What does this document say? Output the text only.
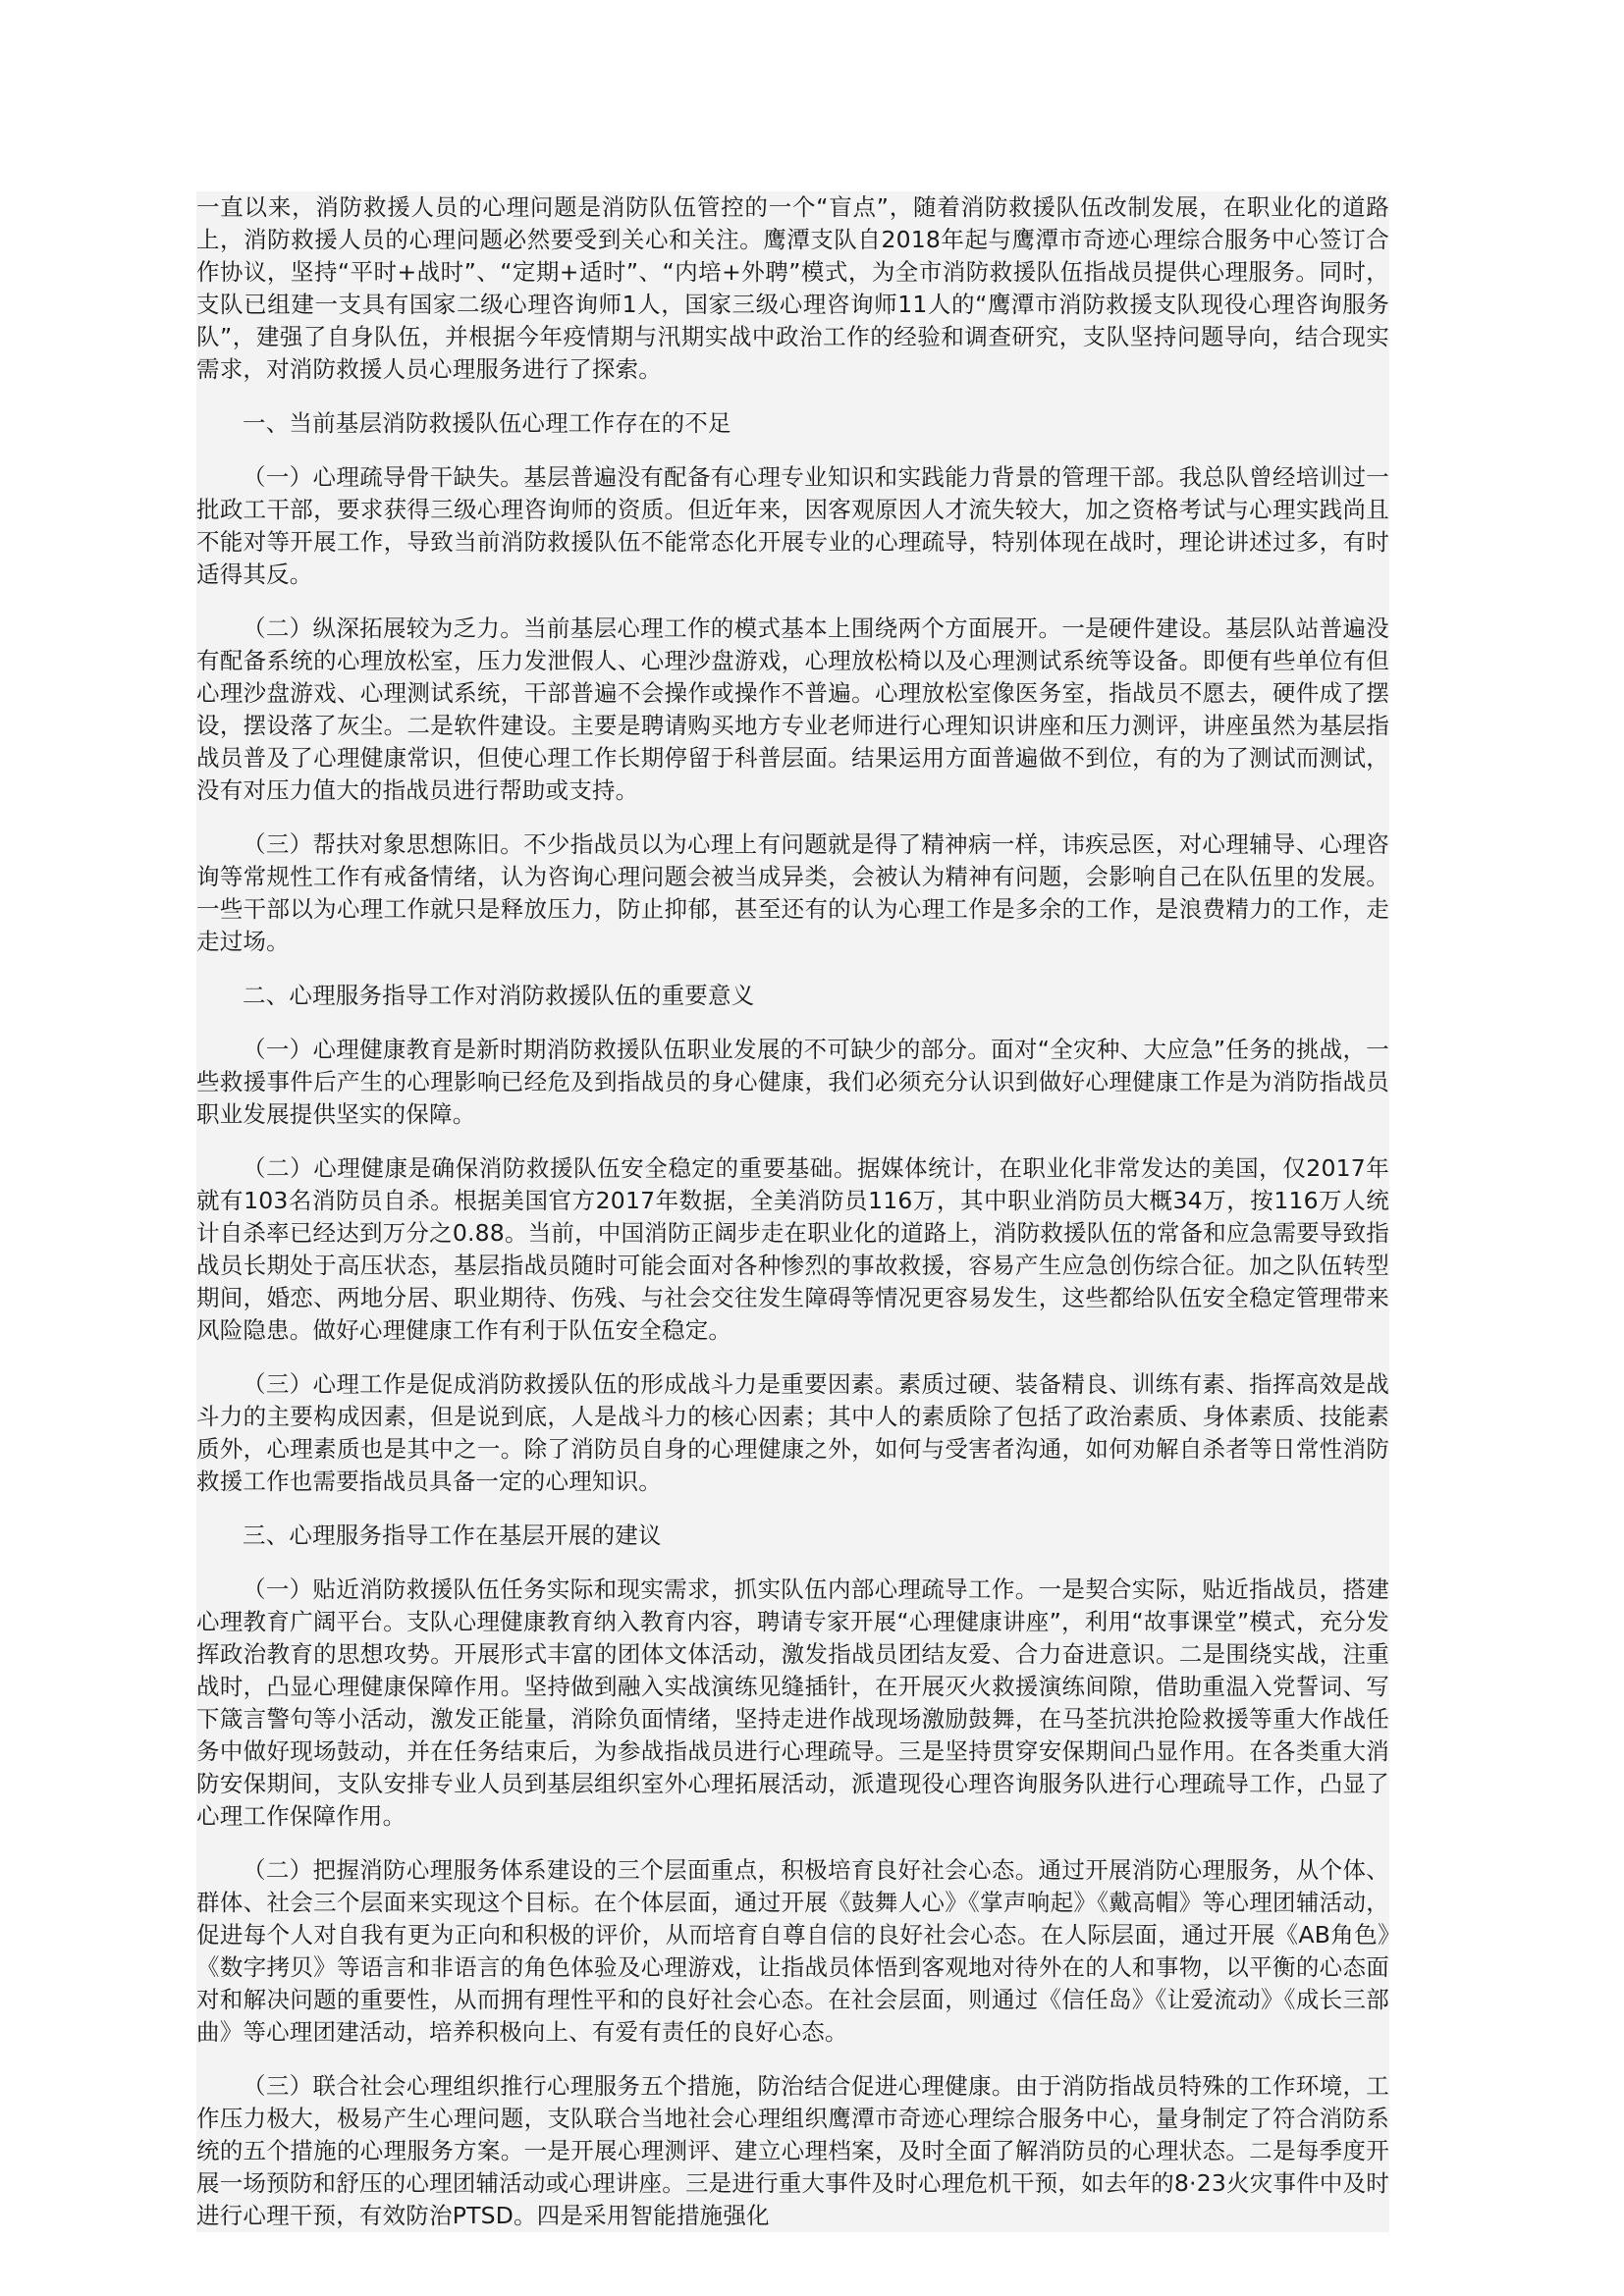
一直以来，消防救援人员的心理问题是消防队伍管控的一个“盲点”，随着消防救援队伍改制发展，在职业化的道路上，消防救援人员的心理问题必然要受到关心和关注。鹰潭支队自2018年起与鹰潭市奇迹心理综合服务中心签订合作协议，坚持“平时+战时”、“定期+适时”、“内培+外聘”模式，为全市消防救援队伍指战员提供心理服务。同时，支队已组建一支具有国家二级心理咨询师1人，国家三级心理咨询师11人的“鹰潭市消防救援支队现役心理咨询服务队”，建强了自身队伍，并根据今年疫情期与汛期实战中政治工作的经验和调查研究，支队坚持问题导向，结合现实需求，对消防救援人员心理服务进行了探索。

一、当前基层消防救援队伍心理工作存在的不足

（一）心理疏导骨干缺失。基层普遍没有配备有心理专业知识和实践能力背景的管理干部。我总队曾经培训过一批政工干部，要求获得三级心理咨询师的资质。但近年来，因客观原因人才流失较大，加之资格考试与心理实践尚且不能对等开展工作，导致当前消防救援队伍不能常态化开展专业的心理疏导，特别体现在战时，理论讲述过多，有时适得其反。

（二）纵深拓展较为乏力。当前基层心理工作的模式基本上围绕两个方面展开。一是硬件建设。基层队站普遍没有配备系统的心理放松室，压力发泄假人、心理沙盘游戏，心理放松椅以及心理测试系统等设备。即便有些单位有但心理沙盘游戏、心理测试系统，干部普遍不会操作或操作不普遍。心理放松室像医务室，指战员不愿去，硬件成了摆设，摆设落了灰尘。二是软件建设。主要是聘请购买地方专业老师进行心理知识讲座和压力测评，讲座虽然为基层指战员普及了心理健康常识，但使心理工作长期停留于科普层面。结果运用方面普遍做不到位，有的为了测试而测试，没有对压力值大的指战员进行帮助或支持。

（三）帮扶对象思想陈旧。不少指战员以为心理上有问题就是得了精神病一样，讳疾忌医，对心理辅导、心理咨询等常规性工作有戒备情绪，认为咨询心理问题会被当成异类，会被认为精神有问题，会影响自己在队伍里的发展。一些干部以为心理工作就只是释放压力，防止抑郁，甚至还有的认为心理工作是多余的工作，是浪费精力的工作，走走过场。

二、心理服务指导工作对消防救援队伍的重要意义

（一）心理健康教育是新时期消防救援队伍职业发展的不可缺少的部分。面对“全灾种、大应急”任务的挑战，一些救援事件后产生的心理影响已经危及到指战员的身心健康，我们必须充分认识到做好心理健康工作是为消防指战员职业发展提供坚实的保障。

（二）心理健康是确保消防救援队伍安全稳定的重要基础。据媒体统计，在职业化非常发达的美国，仅2017年就有103名消防员自杀。根据美国官方2017年数据，全美消防员116万，其中职业消防员大概34万，按116万人统计自杀率已经达到万分之0.88。当前，中国消防正阔步走在职业化的道路上，消防救援队伍的常备和应急需要导致指战员长期处于高压状态，基层指战员随时可能会面对各种惨烈的事故救援，容易产生应急创伤综合征。加之队伍转型期间，婚恋、两地分居、职业期待、伤残、与社会交往发生障碍等情况更容易发生，这些都给队伍安全稳定管理带来风险隐患。做好心理健康工作有利于队伍安全稳定。

（三）心理工作是促成消防救援队伍的形成战斗力是重要因素。素质过硬、装备精良、训练有素、指挥高效是战斗力的主要构成因素，但是说到底，人是战斗力的核心因素；其中人的素质除了包括了政治素质、身体素质、技能素质外，心理素质也是其中之一。除了消防员自身的心理健康之外，如何与受害者沟通，如何劝解自杀者等日常性消防救援工作也需要指战员具备一定的心理知识。

三、心理服务指导工作在基层开展的建议

（一）贴近消防救援队伍任务实际和现实需求，抓实队伍内部心理疏导工作。一是契合实际，贴近指战员，搭建心理教育广阔平台。支队心理健康教育纳入教育内容，聘请专家开展“心理健康讲座”，利用“故事课堂”模式，充分发挥政治教育的思想攻势。开展形式丰富的团体文体活动，激发指战员团结友爱、合力奋进意识。二是围绕实战，注重战时，凸显心理健康保障作用。坚持做到融入实战演练见缝插针，在开展灭火救援演练间隙，借助重温入党誓词、写下箴言警句等小活动，激发正能量，消除负面情绪，坚持走进作战现场激励鼓舞，在马荃抗洪抢险救援等重大作战任务中做好现场鼓动，并在任务结束后，为参战指战员进行心理疏导。三是坚持贯穿安保期间凸显作用。在各类重大消防安保期间，支队安排专业人员到基层组织室外心理拓展活动，派遣现役心理咨询服务队进行心理疏导工作，凸显了心理工作保障作用。

（二）把握消防心理服务体系建设的三个层面重点，积极培育良好社会心态。通过开展消防心理服务，从个体、群体、社会三个层面来实现这个目标。在个体层面，通过开展《鼓舞人心》《掌声响起》《戴高帽》等心理团辅活动，促进每个人对自我有更为正向和积极的评价，从而培育自尊自信的良好社会心态。在人际层面，通过开展《AB角色》《数字拷贝》等语言和非语言的角色体验及心理游戏，让指战员体悟到客观地对待外在的人和事物，以平衡的心态面对和解决问题的重要性，从而拥有理性平和的良好社会心态。在社会层面，则通过《信任岛》《让爱流动》《成长三部曲》等心理团建活动，培养积极向上、有爱有责任的良好心态。

（三）联合社会心理组织推行心理服务五个措施，防治结合促进心理健康。由于消防指战员特殊的工作环境，工作压力极大，极易产生心理问题，支队联合当地社会心理组织鹰潭市奇迹心理综合服务中心，量身制定了符合消防系统的五个措施的心理服务方案。一是开展心理测评、建立心理档案，及时全面了解消防员的心理状态。二是每季度开展一场预防和舒压的心理团辅活动或心理讲座。三是进行重大事件及时心理危机干预，如去年的8·23火灾事件中及时进行心理干预，有效防治PTSD。四是采用智能措施强化
